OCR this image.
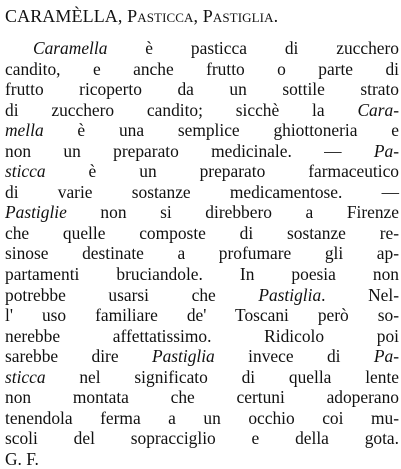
CARAMÈLLA, Pasticca, Pastiglia.
Caramella è pasticca di zucchero
candito, e anche frutto o parte di
frutto ricoperto da un sottile strato
di zucchero candito; sicchè la Cara-
mella è una semplice ghiottoneria e
non un preparato medicinale. — Pa-
sticca è un preparato farmaceutico
di varie sostanze medicamentose. —
Pastiglie non si direbbero a Firenze
che quelle composte di sostanze re-
sinose destinate a profumare gli ap-
partamenti bruciandole. In poesia non
potrebbe usarsi che Pastiglia. Nel-
l' uso familiare de' Toscani però so-
nerebbe affettatissimo. Ridicolo poi
sarebbe dire Pastiglia invece di Pa-
sticca nel significato di quella lente
non montata che certuni adoperano
tenendola ferma a un occhio coi mu-
scoli del sopracciglio e della gota.
G. F.
